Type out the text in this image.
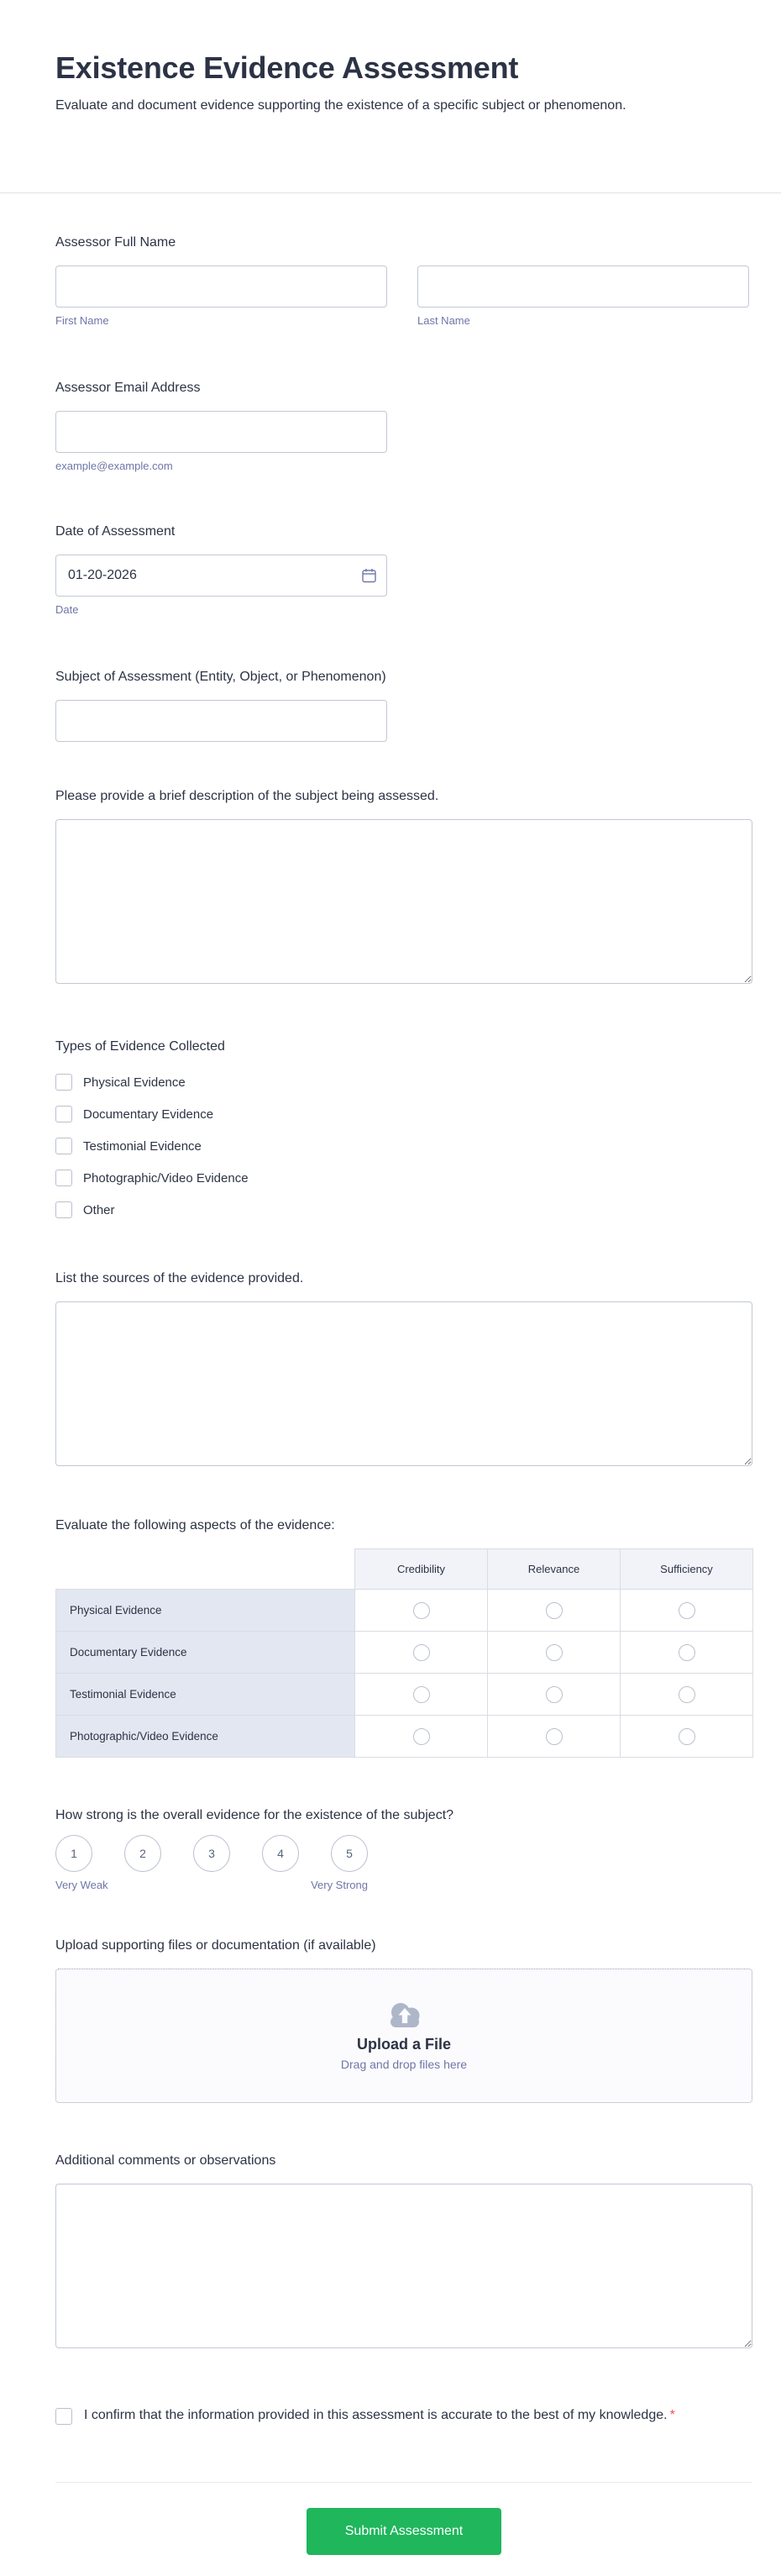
Existence Evidence Assessment

Evaluate and document evidence supporting the existence of a specific subject or phenomenon.

Assessor Full Name
First Name	Last Name
Assessor Email Address
example@example.com
Date of Assessment
01-20-2026
Date
Subject of Assessment (Entity, Object, or Phenomenon)
Please provide a brief description of the subject being assessed.
Types of Evidence Collected
Physical Evidence
Documentary Evidence
Testimonial Evidence
Photographic/Video Evidence
Other
List the sources of the evidence provided.
Evaluate the following aspects of the evidence:
	Credibility	Relevance	Sufficiency
Physical Evidence			
Documentary Evidence			
Testimonial Evidence			
Photographic/Video Evidence			
How strong is the overall evidence for the existence of the subject?
1	2	3	4	5
Very Weak	Very Strong
Upload supporting files or documentation (if available)
Upload a File
Drag and drop files here
Additional comments or observations
I confirm that the information provided in this assessment is accurate to the best of my knowledge. *
Submit Assessment
